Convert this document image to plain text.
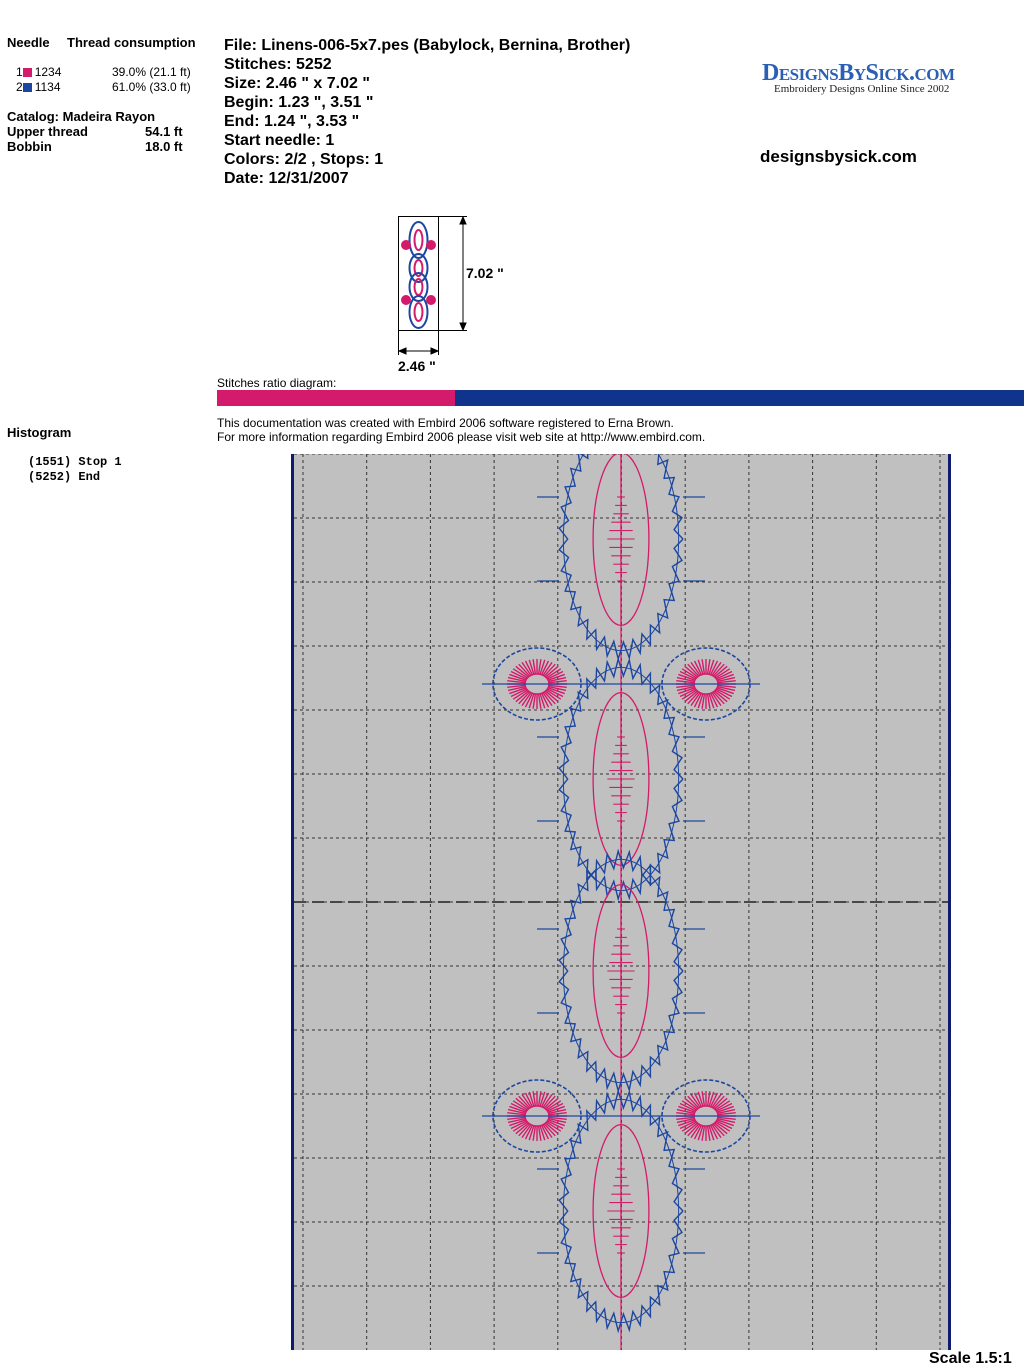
Needle Thread consumption
1 1234	39.0% (21.1 ft)
2 1134	61.0% (33.0 ft)
Catalog: Madeira Rayon
Upper thread	54.1 ft
Bobbin	18.0 ft
Histogram
(1551) Stop 1
(5252) End
File: Linens-006-5x7.pes (Babylock, Bernina, Brother)
Stitches: 5252
Size: 2.46 " x 7.02 "
Begin: 1.23 ", 3.51 "
End: 1.24 ", 3.53 "
Start needle: 1
Colors: 2/2 , Stops: 1
Date: 12/31/2007
DesignsBySick.com
Embroidery Designs Online Since 2002
designsbysick.com
7.02 "
2.46 "
Stitches ratio diagram:
This documentation was created with Embird 2006 software registered to Erna Brown.
For more information regarding Embird 2006 please visit web site at http://www.embird.com.
Scale 1.5:1
